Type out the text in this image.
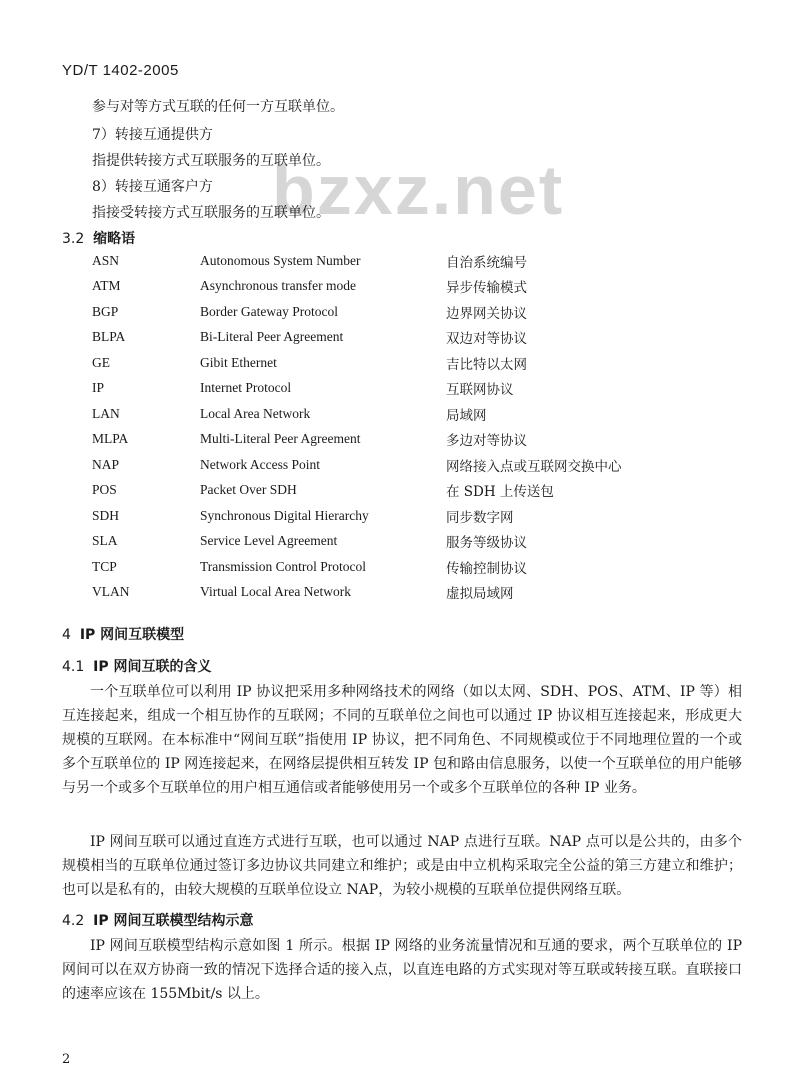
YD/T 1402-2005
bzxz.net
参与对等方式互联的任何一方互联单位。
7）转接互通提供方
指提供转接方式互联服务的互联单位。
8）转接互通客户方
指接受转接方式互联服务的互联单位。
3.2 缩略语
ASN	Autonomous System Number	自治系统编号
ATM	Asynchronous transfer mode	异步传输模式
BGP	Border Gateway Protocol	边界网关协议
BLPA	Bi-Literal Peer Agreement	双边对等协议
GE	Gibit Ethernet	吉比特以太网
IP	Internet Protocol	互联网协议
LAN	Local Area Network	局域网
MLPA	Multi-Literal Peer Agreement	多边对等协议
NAP	Network Access Point	网络接入点或互联网交换中心
POS	Packet Over SDH	在 SDH 上传送包
SDH	Synchronous Digital Hierarchy	同步数字网
SLA	Service Level Agreement	服务等级协议
TCP	Transmission Control Protocol	传输控制协议
VLAN	Virtual Local Area Network	虚拟局域网
4 IP 网间互联模型
4.1 IP 网间互联的含义
一个互联单位可以利用 IP 协议把采用多种网络技术的网络（如以太网、SDH、POS、ATM、IP 等）相互连接起来，组成一个相互协作的互联网；不同的互联单位之间也可以通过 IP 协议相互连接起来，形成更大规模的互联网。在本标准中“网间互联”指使用 IP 协议，把不同角色、不同规模或位于不同地理位置的一个或多个互联单位的 IP 网连接起来，在网络层提供相互转发 IP 包和路由信息服务，以使一个互联单位的用户能够与另一个或多个互联单位的用户相互通信或者能够使用另一个或多个互联单位的各种 IP 业务。
IP 网间互联可以通过直连方式进行互联，也可以通过 NAP 点进行互联。NAP 点可以是公共的，由多个规模相当的互联单位通过签订多边协议共同建立和维护；或是由中立机构采取完全公益的第三方建立和维护；也可以是私有的，由较大规模的互联单位设立 NAP，为较小规模的互联单位提供网络互联。
4.2 IP 网间互联模型结构示意
IP 网间互联模型结构示意如图 1 所示。根据 IP 网络的业务流量情况和互通的要求，两个互联单位的 IP 网间可以在双方协商一致的情况下选择合适的接入点，以直连电路的方式实现对等互联或转接互联。直联接口的速率应该在 155Mbit/s 以上。
2
